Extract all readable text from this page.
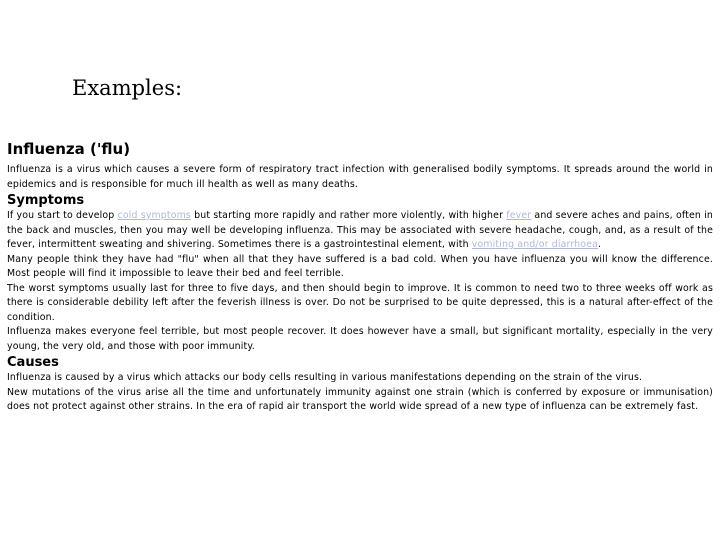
Examples:
Influenza ('flu)

Influenza is a virus which causes a severe form of respiratory tract infection with generalised bodily symptoms. It spreads around the world in epidemics and is responsible for much ill health as well as many deaths.

Symptoms

If you start to develop cold symptoms but starting more rapidly and rather more violently, with higher fever and severe aches and pains, often in the back and muscles, then you may well be developing influenza. This may be associated with severe headache, cough, and, as a result of the fever, intermittent sweating and shivering. Sometimes there is a gastrointestinal element, with vomiting and/or diarrhoea.

Many people think they have had "flu" when all that they have suffered is a bad cold. When you have influenza you will know the difference. Most people will find it impossible to leave their bed and feel terrible.

The worst symptoms usually last for three to five days, and then should begin to improve. It is common to need two to three weeks off work as there is considerable debility left after the feverish illness is over. Do not be surprised to be quite depressed, this is a natural after-effect of the condition.

Influenza makes everyone feel terrible, but most people recover. It does however have a small, but significant mortality, especially in the very young, the very old, and those with poor immunity.

Causes

Influenza is caused by a virus which attacks our body cells resulting in various manifestations depending on the strain of the virus.

New mutations of the virus arise all the time and unfortunately immunity against one strain (which is conferred by exposure or immunisation) does not protect against other strains. In the era of rapid air transport the world wide spread of a new type of influenza can be extremely fast.
